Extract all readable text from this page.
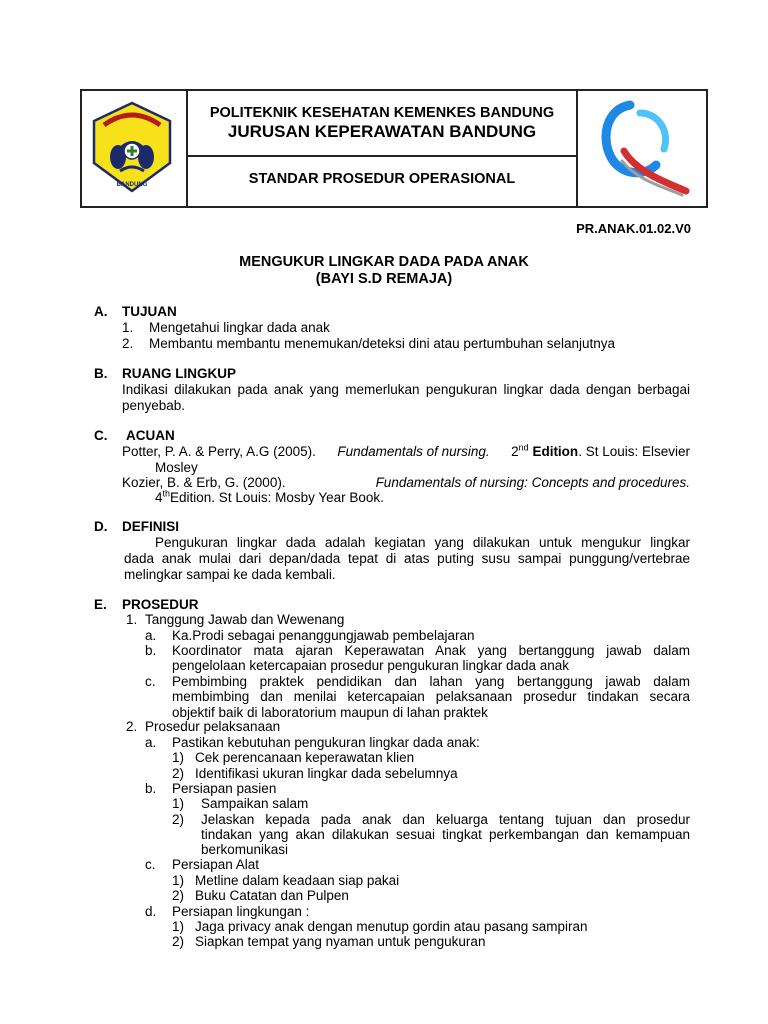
BANDUNG
POLITEKNIK KESEHATAN KEMENKES BANDUNG
JURUSAN KEPERAWATAN BANDUNG
STANDAR PROSEDUR OPERASIONAL
PR.ANAK.01.02.V0
MENGUKUR LINGKAR DADA PADA ANAK
(BAYI S.D REMAJA)
A. TUJUAN
1. Mengetahui lingkar dada anak
2. Membantu membantu menemukan/deteksi dini atau pertumbuhan selanjutnya
B. RUANG LINGKUP
Indikasi dilakukan pada anak yang memerlukan pengukuran lingkar dada dengan berbagai
penyebab.
C. ACUAN
Potter, P. A. & Perry, A.G (2005). Fundamentals of nursing. 2nd Edition. St Louis: Elsevier
Mosley
Kozier, B. & Erb, G. (2000).	Fundamentals of nursing: Concepts and procedures.
4thEdition. St Louis: Mosby Year Book.
D. DEFINISI
Pengukuran lingkar dada adalah kegiatan yang dilakukan untuk mengukur lingkar
dada anak mulai dari depan/dada tepat di atas puting susu sampai punggung/vertebrae
melingkar sampai ke dada kembali.
E. PROSEDUR
1. Tanggung Jawab dan Wewenang
a. Ka.Prodi sebagai penanggungjawab pembelajaran
b. Koordinator mata ajaran Keperawatan Anak yang bertanggung jawab dalam
pengelolaan ketercapaian prosedur pengukuran lingkar dada anak
c. Pembimbing praktek pendidikan dan lahan yang bertanggung jawab dalam
membimbing dan menilai ketercapaian pelaksanaan prosedur tindakan secara
objektif baik di laboratorium maupun di lahan praktek
2. Prosedur pelaksanaan
a. Pastikan kebutuhan pengukuran lingkar dada anak:
1) Cek perencanaan keperawatan klien
2) Identifikasi ukuran lingkar dada sebelumnya
b. Persiapan pasien
1) Sampaikan salam
2) Jelaskan kepada pada anak dan keluarga tentang tujuan dan prosedur
tindakan yang akan dilakukan sesuai tingkat perkembangan dan kemampuan
berkomunikasi
c. Persiapan Alat
1) Metline dalam keadaan siap pakai
2) Buku Catatan dan Pulpen
d. Persiapan lingkungan :
1) Jaga privacy anak dengan menutup gordin atau pasang sampiran
2) Siapkan tempat yang nyaman untuk pengukuran
